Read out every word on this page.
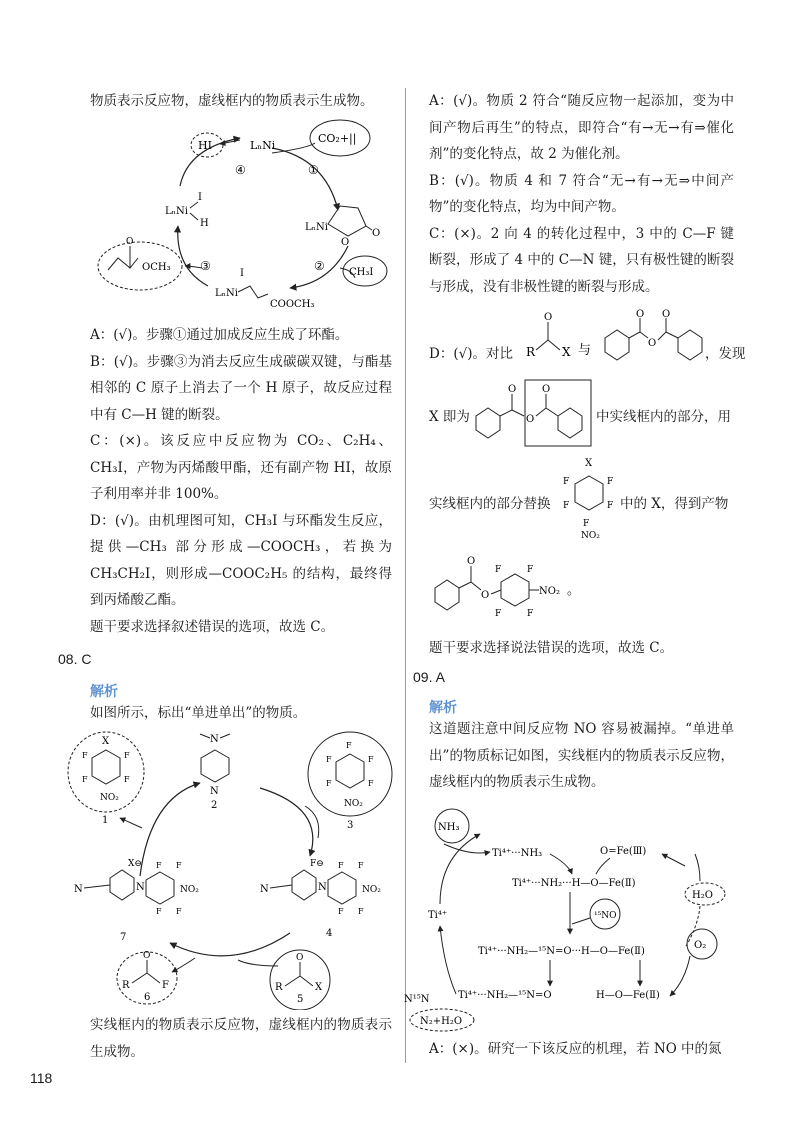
物质表示反应物，虚线框内的物质表示生成物。

LₙNi
CO₂+||
HI
④	①
②
③
I
LₙNi
H	LₙNi
O
O
CH₃I
O
OCH₃
I
LₙNi
COOCH₃

A：(√)。步骤①通过加成反应生成了环酯。

B：(√)。步骤③为消去反应生成碳碳双键，与酯基相邻的 C 原子上消去了一个 H 原子，故反应过程中有 C—H 键的断裂。

C：(×)。该反应中反应物为 CO₂、C₂H₄、CH₃I，产物为丙烯酸甲酯，还有副产物 HI，故原子利用率并非 100%。

D：(√)。由机理图可知，CH₃I 与环酯发生反应，提供—CH₃ 部分形成—COOCH₃，若换为 CH₃CH₂I，则形成—COOC₂H₅ 的结构，最终得到丙烯酸乙酯。

题干要求选择叙述错误的选项，故选 C。

08. C
解析

如图所示，标出“单进单出”的物质。

X
F	F
F	F
NO₂
1
N
N
2
F
F	F
F	F
NO₂
3
N
X⊖
N
F F
F F
NO₂
7
N
F⊖
N
F F
F F
NO₂
4
R
O
F
6
R
O
X
5

实线框内的物质表示反应物，虚线框内的物质表示生成物。

A：(√)。物质 2 符合“随反应物一起添加，变为中间产物后再生”的特点，即符合“有→无→有⇒催化剂”的变化特点，故 2 为催化剂。

B：(√)。物质 4 和 7 符合“无→有→无⇒中间产物”的变化特点，均为中间产物。

C：(×)。2 向 4 的转化过程中，3 中的 C—F 键断裂，形成了 4 中的 C—N 键，只有极性键的断裂与形成，没有非极性键的断裂与形成。

D：(√)。对比 R
O
X 与
O
O
O
，发现
X 即为
O
O
O
中实线框内的部分，用
实线框内的部分替换
X
F	F
F	F
F
NO₂
中的 X，得到产物
O
O
F	F
F	F
NO₂ 。

题干要求选择说法错误的选项，故选 C。

09. A
解析

这道题注意中间反应物 NO 容易被漏掉。“单进单出”的物质标记如图，实线框内的物质表示反应物，虚线框内的物质表示生成物。

NH₃
Ti⁴⁺···NH₃	O=Fe(Ⅲ)
Ti⁴⁺···NH₂···H—O—Fe(Ⅱ)
H₂O
¹⁵NO
Ti⁴⁺
O₂
Ti⁴⁺···NH₂—¹⁵N=O···H—O—Fe(Ⅱ)
N¹⁵N	Ti⁴⁺···NH₂—¹⁵N=O	H—O—Fe(Ⅱ)
N₂+H₂O

A：(×)。研究一下该反应的机理，若 NO 中的氮

118
